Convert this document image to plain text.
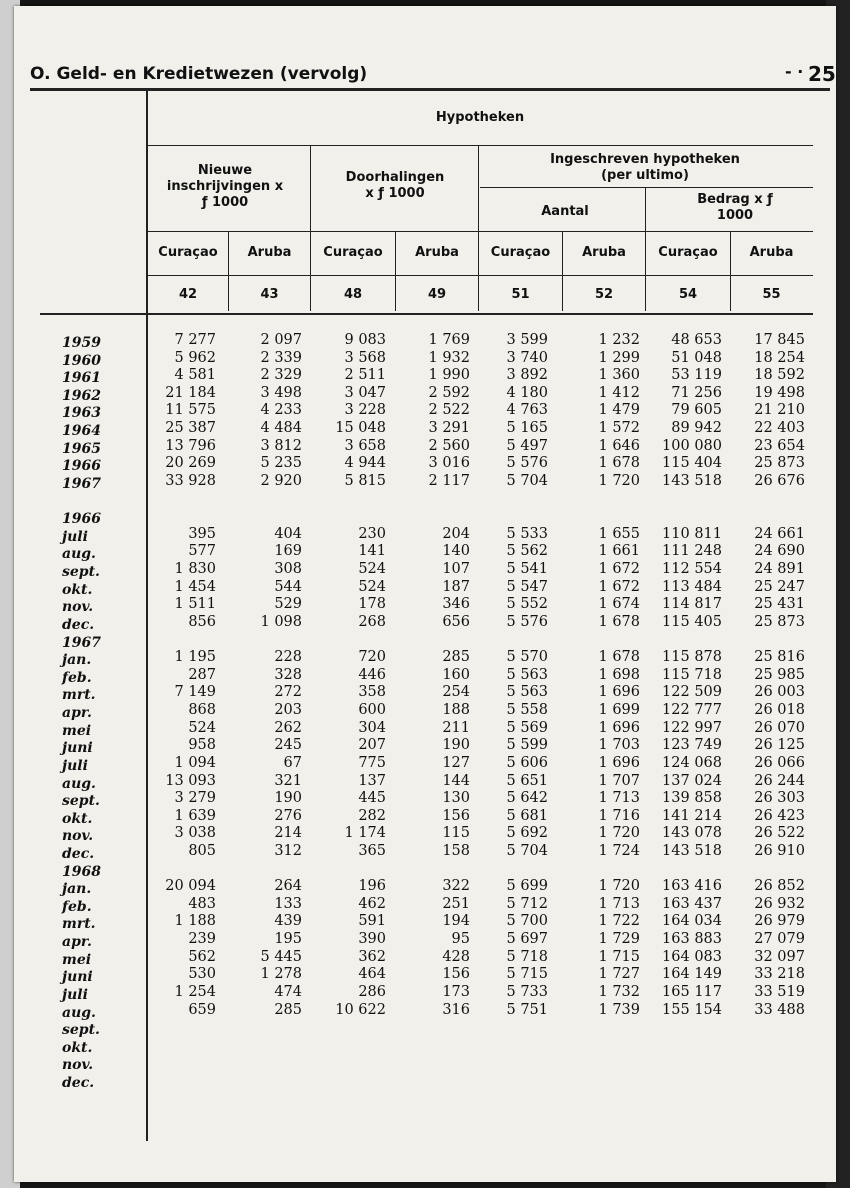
O. Geld- en Kredietwezen (vervolg)	- · 25
Hypotheken
Nieuwe inschrijvingen x ƒ 1000
Doorhalingen x ƒ 1000
Ingeschreven hypotheken (per ultimo)
Aantal
Bedrag x ƒ 1000
Curaçao	Aruba	Curaçao	Aruba	Curaçao	Aruba	Curaçao	Aruba
42	43	48	49	51	52	54	55
1959	7 277	2 097	9 083	1 769	3 599	1 232	48 653	17 845
1960	5 962	2 339	3 568	1 932	3 740	1 299	51 048	18 254
1961	4 581	2 329	2 511	1 990	3 892	1 360	53 119	18 592
1962	21 184	3 498	3 047	2 592	4 180	1 412	71 256	19 498
1963	11 575	4 233	3 228	2 522	4 763	1 479	79 605	21 210
1964	25 387	4 484	15 048	3 291	5 165	1 572	89 942	22 403
1965	13 796	3 812	3 658	2 560	5 497	1 646	100 080	23 654
1966	20 269	5 235	4 944	3 016	5 576	1 678	115 404	25 873
1967	33 928	2 920	5 815	2 117	5 704	1 720	143 518	26 676
1966
juli	395	404	230	204	5 533	1 655	110 811	24 661
aug.	577	169	141	140	5 562	1 661	111 248	24 690
sept.	1 830	308	524	107	5 541	1 672	112 554	24 891
okt.	1 454	544	524	187	5 547	1 672	113 484	25 247
nov.	1 511	529	178	346	5 552	1 674	114 817	25 431
dec.	856	1 098	268	656	5 576	1 678	115 405	25 873
1967
jan.	1 195	228	720	285	5 570	1 678	115 878	25 816
feb.	287	328	446	160	5 563	1 698	115 718	25 985
mrt.	7 149	272	358	254	5 563	1 696	122 509	26 003
apr.	868	203	600	188	5 558	1 699	122 777	26 018
mei	524	262	304	211	5 569	1 696	122 997	26 070
juni	958	245	207	190	5 599	1 703	123 749	26 125
juli	1 094	67	775	127	5 606	1 696	124 068	26 066
aug.	13 093	321	137	144	5 651	1 707	137 024	26 244
sept.	3 279	190	445	130	5 642	1 713	139 858	26 303
okt.	1 639	276	282	156	5 681	1 716	141 214	26 423
nov.	3 038	214	1 174	115	5 692	1 720	143 078	26 522
dec.	805	312	365	158	5 704	1 724	143 518	26 910
1968
jan.	20 094	264	196	322	5 699	1 720	163 416	26 852
feb.	483	133	462	251	5 712	1 713	163 437	26 932
mrt.	1 188	439	591	194	5 700	1 722	164 034	26 979
apr.	239	195	390	95	5 697	1 729	163 883	27 079
mei	562	5 445	362	428	5 718	1 715	164 083	32 097
juni	530	1 278	464	156	5 715	1 727	164 149	33 218
juli	1 254	474	286	173	5 733	1 732	165 117	33 519
aug.	659	285	10 622	316	5 751	1 739	155 154	33 488
sept.
okt.
nov.
dec.
